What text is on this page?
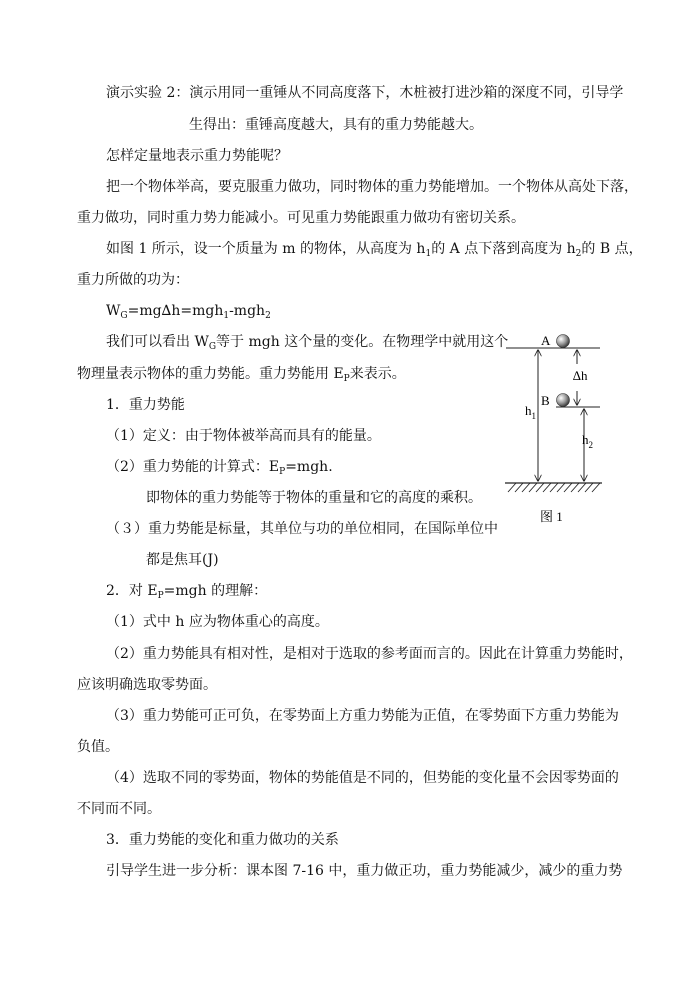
演示实验 2：演示用同一重锤从不同高度落下，木桩被打进沙箱的深度不同，引导学
生得出：重锤高度越大，具有的重力势能越大。
怎样定量地表示重力势能呢？
把一个物体举高，要克服重力做功，同时物体的重力势能增加。一个物体从高处下落，
重力做功，同时重力势力能减小。可见重力势能跟重力做功有密切关系。
如图 1 所示，设一个质量为 m 的物体，从高度为 $h_1$的 A 点下落到高度为 $h_2$的 B 点，
重力所做的功为：
$W_G=mg\Delta h=mgh_1-mgh_2$
我们可以看出 $W_G$等于 mgh 这个量的变化。在物理学中就用这个
物理量表示物体的重力势能。重力势能用 $E_P$来表示。
1．重力势能
（1）定义：由于物体被举高而具有的能量。
（2）重力势能的计算式：$E_P=mgh$.
即物体的重力势能等于物体的重量和它的高度的乘积。
（３）重力势能是标量，其单位与功的单位相同，在国际单位中
都是焦耳(J)
2．对 $E_P=mgh$ 的理解：
（1）式中 h 应为物体重心的高度。
（2）重力势能具有相对性，是相对于选取的参考面而言的。因此在计算重力势能时，
应该明确选取零势面。
（3）重力势能可正可负，在零势面上方重力势能为正值，在零势面下方重力势能为
负值。
（4）选取不同的零势面，物体的势能值是不同的，但势能的变化量不会因零势面的
不同而不同。
3．重力势能的变化和重力做功的关系
引导学生进一步分析：课本图 7-16 中，重力做正功，重力势能减少，减少的重力势
A
B
∆h
$h_1$
$h_2$
图 1
